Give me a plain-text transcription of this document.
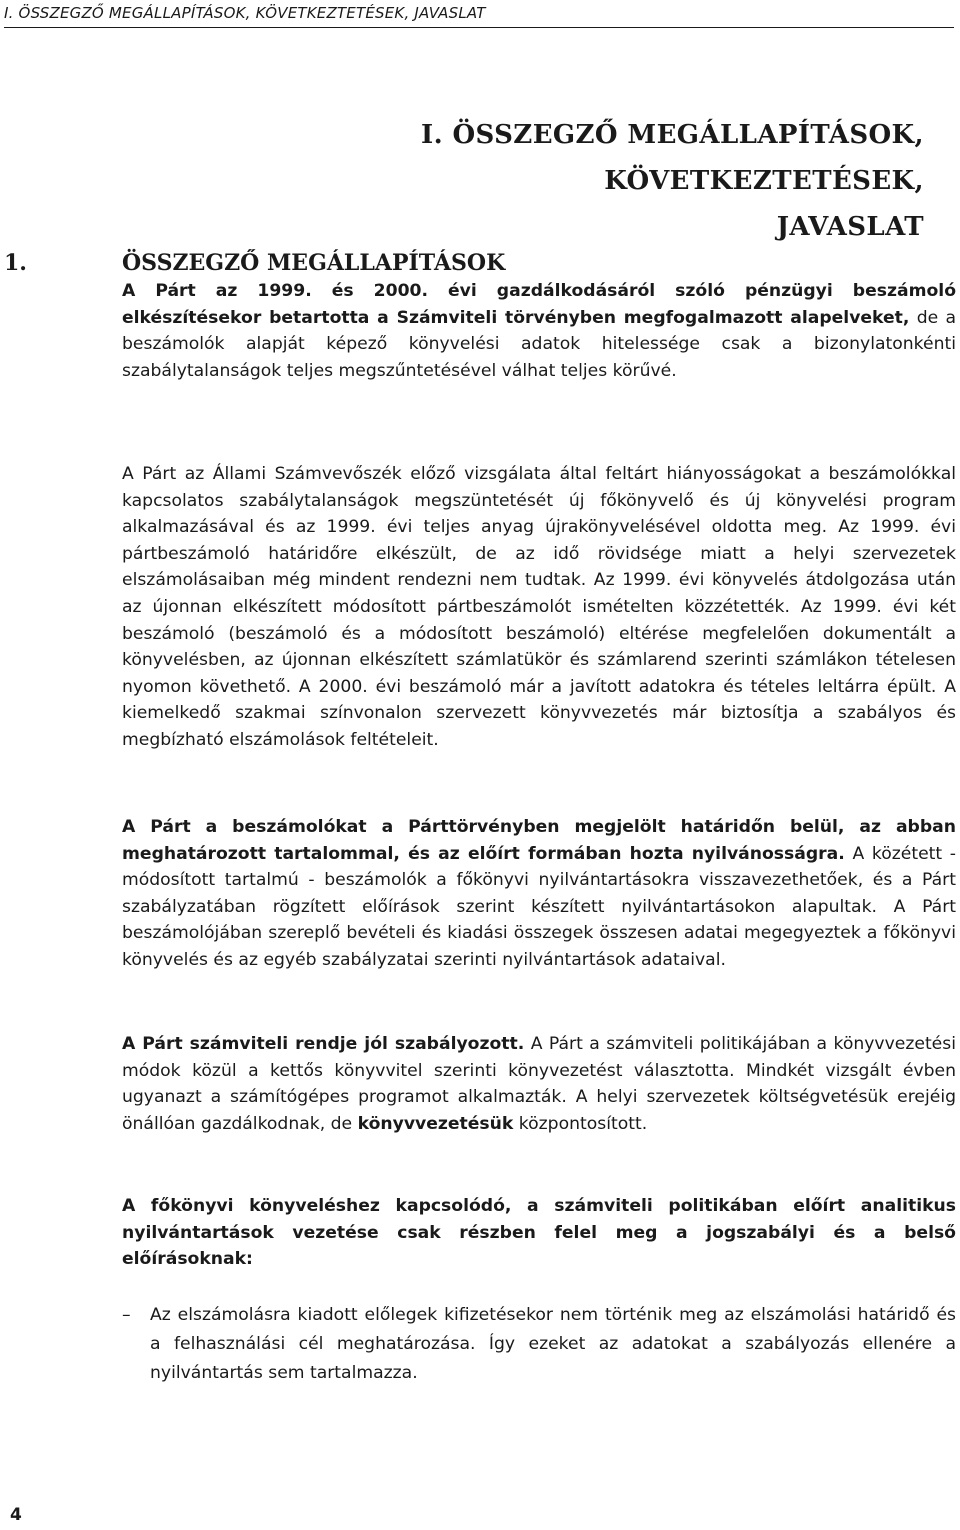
I. ÖSSZEGZŐ MEGÁLLAPÍTÁSOK, KÖVETKEZTETÉSEK, JAVASLAT
I. ÖSSZEGZŐ MEGÁLLAPÍTÁSOK, KÖVETKEZTETÉSEK,
JAVASLAT
1.	ÖSSZEGZŐ MEGÁLLAPÍTÁSOK

A Párt az 1999. és 2000. évi gazdálkodásáról szóló pénzügyi beszámoló elkészítésekor betartotta a Számviteli törvényben megfogalmazott alapelveket, de a beszámolók alapját képező könyvelési adatok hitelessége csak a bizonylatonkénti szabálytalanságok teljes megszűntetésével válhat teljes körűvé.

A Párt az Állami Számvevőszék előző vizsgálata által feltárt hiányosságokat a beszámolókkal kapcsolatos szabálytalanságok megszüntetését új főkönyvelő és új könyvelési program alkalmazásával és az 1999. évi teljes anyag újrakönyvelésével oldotta meg. Az 1999. évi pártbeszámoló határidőre elkészült, de az idő rövidsége miatt a helyi szervezetek elszámolásaiban még mindent rendezni nem tudtak. Az 1999. évi könyvelés átdolgozása után az újonnan elkészített módosított pártbeszámolót ismételten közzétették. Az 1999. évi két beszámoló (beszámoló és a módosított beszámoló) eltérése megfelelően dokumentált a könyvelésben, az újonnan elkészített számlatükör és számlarend szerinti számlákon tételesen nyomon követhető. A 2000. évi beszámoló már a javított adatokra és tételes leltárra épült. A kiemelkedő szakmai színvonalon szervezett könyvvezetés már biztosítja a szabályos és megbízható elszámolások feltételeit.

A Párt a beszámolókat a Párttörvényben megjelölt határidőn belül, az abban meghatározott tartalommal, és az előírt formában hozta nyilvánosságra. A közétett - módosított tartalmú - beszámolók a főkönyvi nyilvántartásokra visszavezethetőek, és a Párt szabályzatában rögzített előírások szerint készített nyilvántartásokon alapultak. A Párt beszámolójában szereplő bevételi és kiadási összegek összesen adatai megegyeztek a főkönyvi könyvelés és az egyéb szabályzatai szerinti nyilvántartások adataival.

A Párt számviteli rendje jól szabályozott. A Párt a számviteli politikájában a könyvvezetési módok közül a kettős könyvvitel szerinti könyvezetést választotta. Mindkét vizsgált évben ugyanazt a számítógépes programot alkalmazták. A helyi szervezetek költségvetésük erejéig önállóan gazdálkodnak, de könyvvezetésük központosított.

A főkönyvi könyveléshez kapcsolódó, a számviteli politikában előírt analitikus nyilvántartások vezetése csak részben felel meg a jogszabályi és a belső előírásoknak:

– Az elszámolásra kiadott előlegek kifizetésekor nem történik meg az elszámolási határidő és a felhasználási cél meghatározása. Így ezeket az adatokat a szabályozás ellenére a nyilvántartás sem tartalmazza.
4
